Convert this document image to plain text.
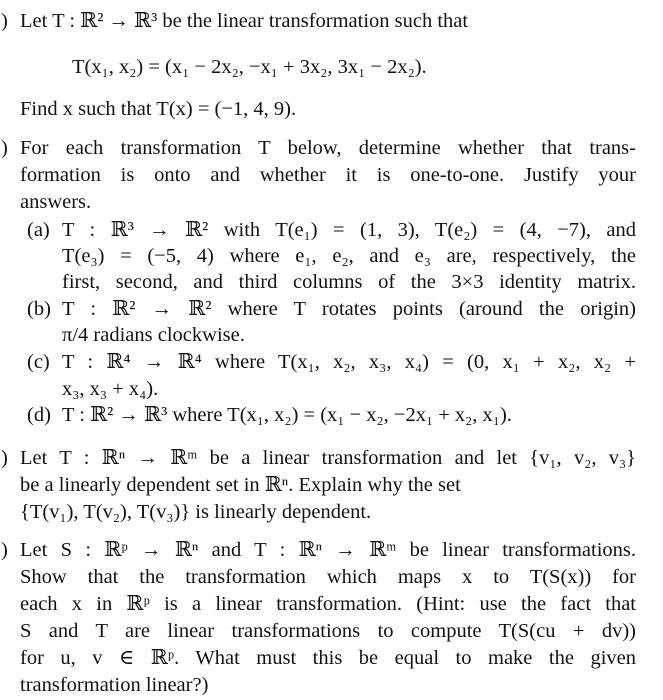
) Let T : ℝ² → ℝ³ be the linear transformation such that
T(x₁, x₂) = (x₁ − 2x₂, −x₁ + 3x₂, 3x₁ − 2x₂).
Find x such that T(x) = (−1, 4, 9).
) For each transformation T below, determine whether that trans-
formation is onto and whether it is one-to-one. Justify your
answers.
(a) T : ℝ³ → ℝ² with T(e₁) = (1, 3), T(e₂) = (4, −7), and
T(e₃) = (−5, 4) where e₁, e₂, and e₃ are, respectively, the
first, second, and third columns of the 3×3 identity matrix.
(b) T : ℝ² → ℝ² where T rotates points (around the origin)
π/4 radians clockwise.
(c) T : ℝ⁴ → ℝ⁴ where T(x₁, x₂, x₃, x₄) = (0, x₁ + x₂, x₂ +
x₃, x₃ + x₄).
(d) T : ℝ² → ℝ³ where T(x₁, x₂) = (x₁ − x₂, −2x₁ + x₂, x₁).
) Let T : ℝⁿ → ℝᵐ be a linear transformation and let {v₁, v₂, v₃}
be a linearly dependent set in ℝⁿ. Explain why the set
{T(v₁), T(v₂), T(v₃)} is linearly dependent.
) Let S : ℝᵖ → ℝⁿ and T : ℝⁿ → ℝᵐ be linear transformations.
Show that the transformation which maps x to T(S(x)) for
each x in ℝᵖ is a linear transformation. (Hint: use the fact that
S and T are linear transformations to compute T(S(cu + dv))
for u, v ∈ ℝᵖ. What must this be equal to make the given
transformation linear?)
